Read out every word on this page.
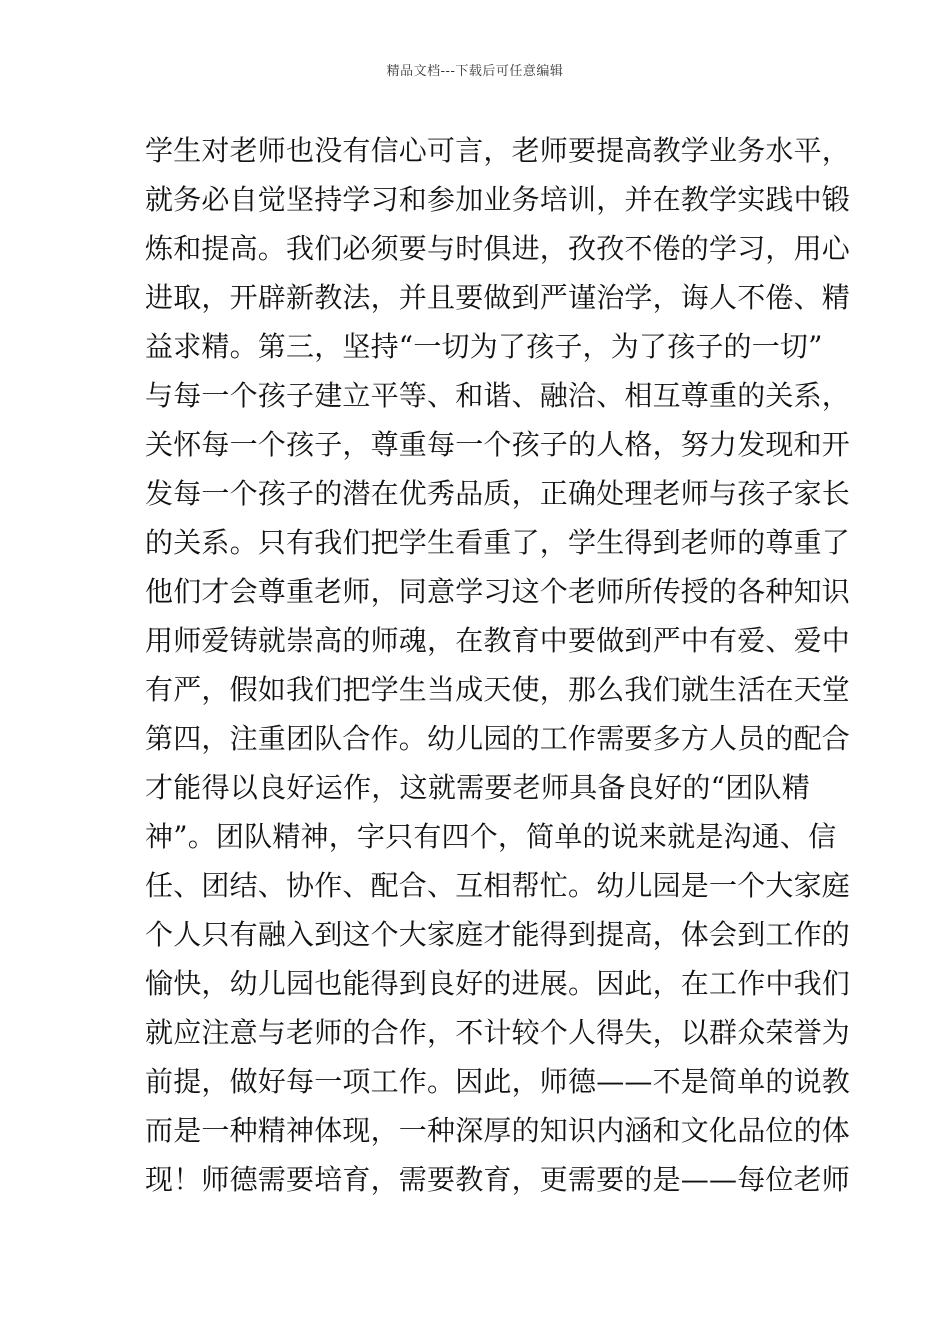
精品文档---下载后可任意编辑
学生对老师也没有信心可言，老师要提高教学业务水平，
就务必自觉坚持学习和参加业务培训，并在教学实践中锻
炼和提高。我们必须要与时俱进，孜孜不倦的学习，用心
进取，开辟新教法，并且要做到严谨治学，诲人不倦、精
益求精。第三，坚持“一切为了孩子，为了孩子的一切”
与每一个孩子建立平等、和谐、融洽、相互尊重的关系，
关怀每一个孩子，尊重每一个孩子的人格，努力发现和开
发每一个孩子的潜在优秀品质，正确处理老师与孩子家长
的关系。只有我们把学生看重了，学生得到老师的尊重了
他们才会尊重老师，同意学习这个老师所传授的各种知识
用师爱铸就崇高的师魂，在教育中要做到严中有爱、爱中
有严，假如我们把学生当成天使，那么我们就生活在天堂
第四，注重团队合作。幼儿园的工作需要多方人员的配合
才能得以良好运作，这就需要老师具备良好的“团队精
神”。团队精神，字只有四个，简单的说来就是沟通、信
任、团结、协作、配合、互相帮忙。幼儿园是一个大家庭
个人只有融入到这个大家庭才能得到提高，体会到工作的
愉快，幼儿园也能得到良好的进展。因此，在工作中我们
就应注意与老师的合作，不计较个人得失，以群众荣誉为
前提，做好每一项工作。因此，师德——不是简单的说教
而是一种精神体现，一种深厚的知识内涵和文化品位的体
现！师德需要培育，需要教育，更需要的是——每位老师
